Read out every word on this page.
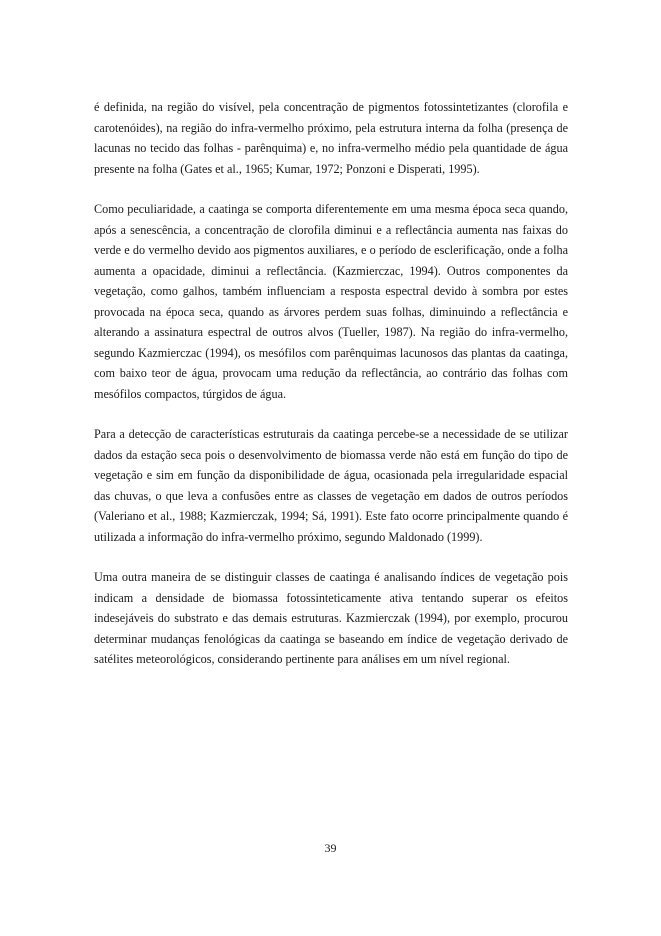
é definida, na região do visível, pela concentração de pigmentos fotossintetizantes (clorofila e carotenóides), na região do infra-vermelho próximo, pela estrutura interna da folha (presença de lacunas no tecido das folhas - parênquima) e, no infra-vermelho médio pela quantidade de água presente na folha (Gates et al., 1965; Kumar, 1972; Ponzoni e Disperati, 1995).

Como peculiaridade, a caatinga se comporta diferentemente em uma mesma época seca quando, após a senescência, a concentração de clorofila diminui e a reflectância aumenta nas faixas do verde e do vermelho devido aos pigmentos auxiliares, e o período de esclerificação, onde a folha aumenta a opacidade, diminui a reflectância. (Kazmierczac, 1994). Outros componentes da vegetação, como galhos, também influenciam a resposta espectral devido à sombra por estes provocada na época seca, quando as árvores perdem suas folhas, diminuindo a reflectância e alterando a assinatura espectral de outros alvos (Tueller, 1987). Na região do infra-vermelho, segundo Kazmierczac (1994), os mesófilos com parênquimas lacunosos das plantas da caatinga, com baixo teor de água, provocam uma redução da reflectância, ao contrário das folhas com mesófilos compactos, túrgidos de água.

Para a detecção de características estruturais da caatinga percebe-se a necessidade de se utilizar dados da estação seca pois o desenvolvimento de biomassa verde não está em função do tipo de vegetação e sim em função da disponibilidade de água, ocasionada pela irregularidade espacial das chuvas, o que leva a confusões entre as classes de vegetação em dados de outros períodos (Valeriano et al., 1988; Kazmierczak, 1994; Sá, 1991). Este fato ocorre principalmente quando é utilizada a informação do infra-vermelho próximo, segundo Maldonado (1999).

Uma outra maneira de se distinguir classes de caatinga é analisando índices de vegetação pois indicam a densidade de biomassa fotossinteticamente ativa tentando superar os efeitos indesejáveis do substrato e das demais estruturas. Kazmierczak (1994), por exemplo, procurou determinar mudanças fenológicas da caatinga se baseando em índice de vegetação derivado de satélites meteorológicos, considerando pertinente para análises em um nível regional.

39
